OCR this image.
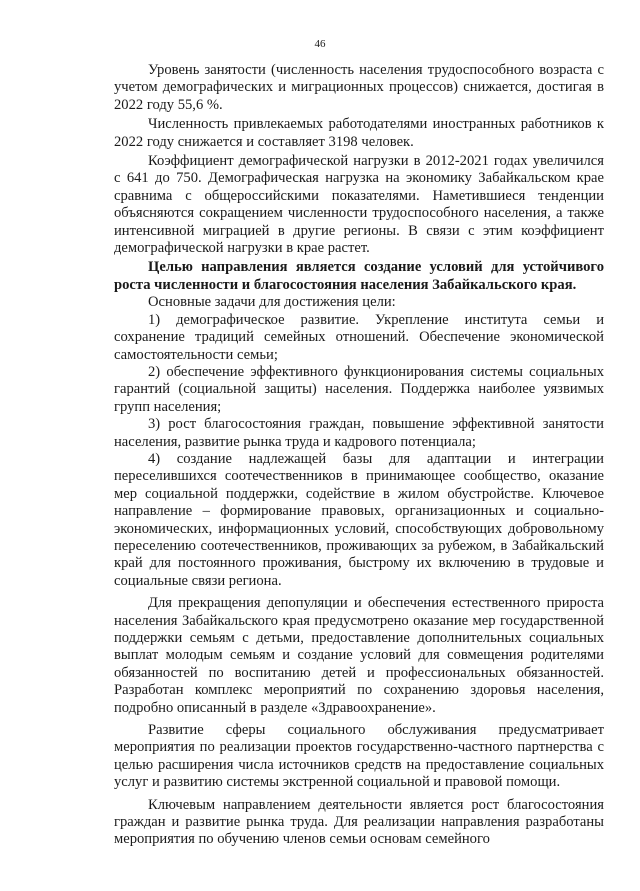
46

Уровень занятости (численность населения трудоспособного возраста с учетом демографических и миграционных процессов) снижается, достигая в 2022 году 55,6 %.

Численность привлекаемых работодателями иностранных работников к 2022 году снижается и составляет 3198 человек.

Коэффициент демографической нагрузки в 2012-2021 годах увеличился с 641 до 750. Демографическая нагрузка на экономику Забайкальском крае сравнима с общероссийскими показателями. Наметившиеся тенденции объясняются сокращением численности трудоспособного населения, а также интенсивной миграцией в другие регионы. В связи с этим коэффициент демографической нагрузки в крае растет.

Целью направления является создание условий для устойчивого роста численности и благосостояния населения Забайкальского края.

Основные задачи для достижения цели:

1) демографическое развитие. Укрепление института семьи и сохранение традиций семейных отношений. Обеспечение экономической самостоятельности семьи;

2) обеспечение эффективного функционирования системы социальных гарантий (социальной защиты) населения. Поддержка наиболее уязвимых групп населения;

3) рост благосостояния граждан, повышение эффективной занятости населения, развитие рынка труда и кадрового потенциала;

4) создание надлежащей базы для адаптации и интеграции переселившихся соотечественников в принимающее сообщество, оказание мер социальной поддержки, содействие в жилом обустройстве. Ключевое направление – формирование правовых, организационных и социально-экономических, информационных условий, способствующих добровольному переселению соотечественников, проживающих за рубежом, в Забайкальский край для постоянного проживания, быстрому их включению в трудовые и социальные связи региона.

Для прекращения депопуляции и обеспечения естественного прироста населения Забайкальского края предусмотрено оказание мер государственной поддержки семьям с детьми, предоставление дополнительных социальных выплат молодым семьям и создание условий для совмещения родителями обязанностей по воспитанию детей и профессиональных обязанностей. Разработан комплекс мероприятий по сохранению здоровья населения, подробно описанный в разделе «Здравоохранение».

Развитие сферы социального обслуживания предусматривает мероприятия по реализации проектов государственно-частного партнерства с целью расширения числа источников средств на предоставление социальных услуг и развитию системы экстренной социальной и правовой помощи.

Ключевым направлением деятельности является рост благосостояния граждан и развитие рынка труда. Для реализации направления разработаны мероприятия по обучению членов семьи основам семейного
